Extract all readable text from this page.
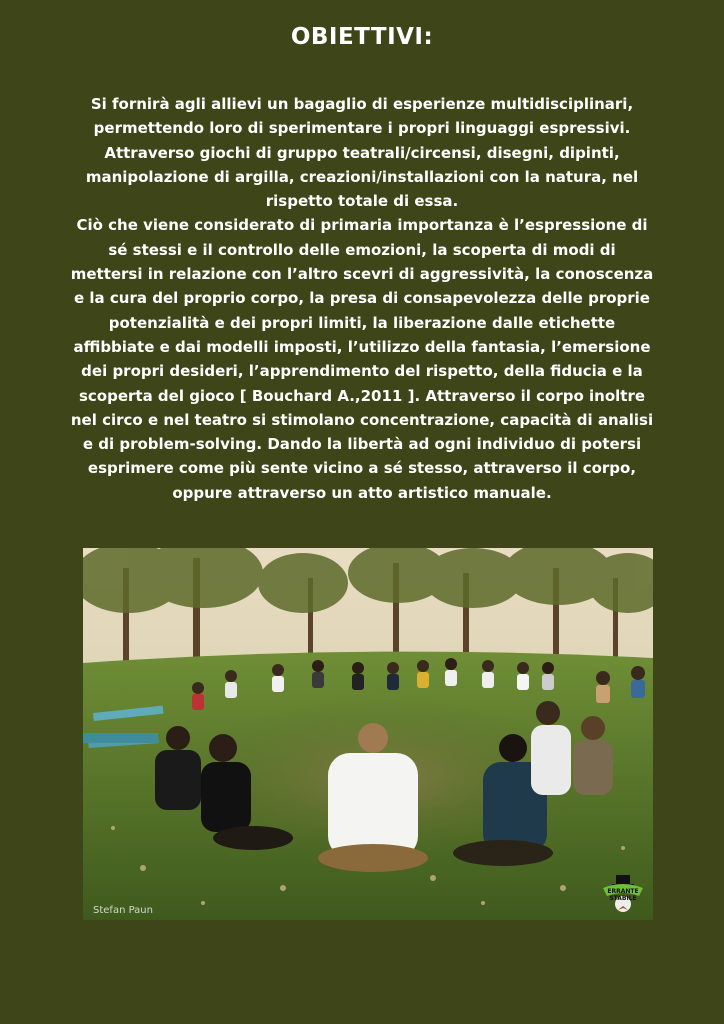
OBIETTIVI:

Si fornirà agli allievi un bagaglio di esperienze multidisciplinari, permettendo loro di sperimentare i propri linguaggi espressivi. Attraverso giochi di gruppo teatrali/circensi, disegni, dipinti, manipolazione di argilla, creazioni/installazioni con la natura, nel rispetto totale di essa.

Ciò che viene considerato di primaria importanza è l’espressione di sé stessi e il controllo delle emozioni, la scoperta di modi di mettersi in relazione con l’altro scevri di aggressività, la conoscenza e la cura del proprio corpo, la presa di consapevolezza delle proprie potenzialità e dei propri limiti, la liberazione dalle etichette affibbiate e dai modelli imposti, l’utilizzo della fantasia, l’emersione dei propri desideri, l’apprendimento del rispetto, della fiducia e la scoperta del gioco [ Bouchard A.,2011 ]. Attraverso il corpo inoltre nel circo e nel teatro si stimolano concentrazione, capacità di analisi e di problem-solving. Dando la libertà ad ogni individuo di potersi esprimere come più sente vicino a sé stesso, attraverso il corpo, oppure attraverso un atto artistico manuale.

Stefan Paun
ERRANTE STABILE
